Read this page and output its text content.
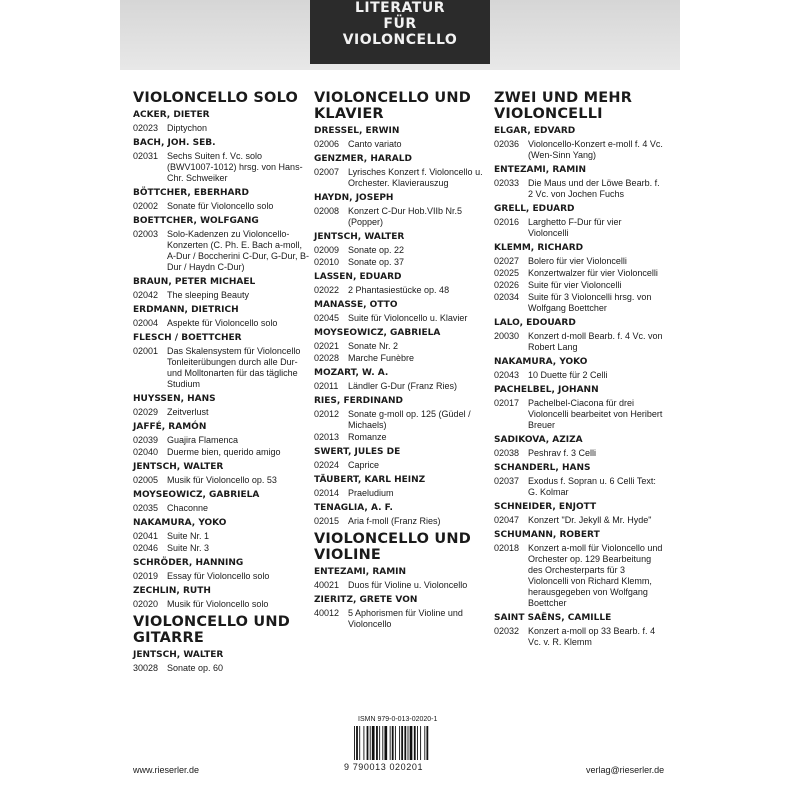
LITERATUR
FÜR
VIOLONCELLO
VIOLONCELLO SOLO
ACKER, DIETER
02023 Diptychon
BACH, JOH. SEB.
02031 Sechs Suiten f. Vc. solo (BWV1007-1012) hrsg. von Hans-Chr. Schweiker
BÖTTCHER, EBERHARD
02002 Sonate für Violoncello solo
BOETTCHER, WOLFGANG
02003 Solo-Kadenzen zu Violoncello-Konzerten (C. Ph. E. Bach a-moll, A-Dur / Boccherini C-Dur, G-Dur, B-Dur / Haydn C-Dur)
BRAUN, PETER MICHAEL
02042 The sleeping Beauty
ERDMANN, DIETRICH
02004 Aspekte für Violoncello solo
FLESCH / BOETTCHER
02001 Das Skalensystem für Violoncello Tonleiterübungen durch alle Dur- und Molltonarten für das tägliche Studium
HUYSSEN, HANS
02029 Zeitverlust
JAFFÉ, RAMÓN
02039 Guajira Flamenca
02040 Duerme bien, querido amigo
JENTSCH, WALTER
02005 Musik für Violoncello op. 53
MOYSEOWICZ, GABRIELA
02035 Chaconne
NAKAMURA, YOKO
02041 Suite Nr. 1
02046 Suite Nr. 3
SCHRÖDER, HANNING
02019 Essay für Violoncello solo
ZECHLIN, RUTH
02020 Musik für Violoncello solo
VIOLONCELLO UND GITARRE
JENTSCH, WALTER
30028 Sonate op. 60
VIOLONCELLO UND KLAVIER
DRESSEL, ERWIN
02006 Canto variato
GENZMER, HARALD
02007 Lyrisches Konzert f. Violoncello u. Orchester. Klavierauszug
HAYDN, JOSEPH
02008 Konzert C-Dur Hob.VIIb Nr.5 (Popper)
JENTSCH, WALTER
02009 Sonate op. 22
02010 Sonate op. 37
LASSEN, EDUARD
02022 2 Phantasiestücke op. 48
MANASSE, OTTO
02045 Suite für Violoncello u. Klavier
MOYSEOWICZ, GABRIELA
02021 Sonate Nr. 2
02028 Marche Funèbre
MOZART, W. A.
02011	Ländler G-Dur (Franz Ries)
RIES, FERDINAND
02012 Sonate g-moll op. 125 (Güdel / Michaels)
02013 Romanze
SWERT, JULES DE
02024 Caprice
TÄUBERT, KARL HEINZ
02014 Praeludium
TENAGLIA, A. F.
02015 Aria f-moll (Franz Ries)
VIOLONCELLO UND VIOLINE
ENTEZAMI, RAMIN
40021 Duos für Violine u. Violoncello
ZIERITZ, GRETE VON
40012 5 Aphorismen für Violine und Violoncello
ZWEI UND MEHR VIOLONCELLI
ELGAR, EDVARD
02036 Violoncello-Konzert e-moll f. 4 Vc. (Wen-Sinn Yang)
ENTEZAMI, RAMIN
02033 Die Maus und der Löwe Bearb. f. 2 Vc. von Jochen Fuchs
GRELL, EDUARD
02016 Larghetto F-Dur für vier Violoncelli
KLEMM, RICHARD
02027 Bolero für vier Violoncelli
02025 Konzertwalzer für vier Violoncelli
02026 Suite für vier Violoncelli
02034 Suite für 3 Violoncelli hrsg. von Wolfgang Boettcher
LALO, EDOUARD
20030 Konzert d-moll Bearb. f. 4 Vc. von Robert Lang
NAKAMURA, YOKO
02043 10 Duette für 2 Celli
PACHELBEL, JOHANN
02017 Pachelbel-Ciacona für drei Violoncelli bearbeitet von Heribert Breuer
SADIKOVA, AZIZA
02038 Peshrav f. 3 Celli
SCHANDERL, HANS
02037 Exodus f. Sopran u. 6 Celli Text: G. Kolmar
SCHNEIDER, ENJOTT
02047 Konzert "Dr. Jekyll & Mr. Hyde"
SCHUMANN, ROBERT
02018 Konzert a-moll für Violoncello und Orchester op. 129 Bearbeitung des Orchesterparts für 3 Violoncelli von Richard Klemm, herausgegeben von Wolfgang Boettcher
SAINT SAËNS, CAMILLE
02032 Konzert a-moll op 33 Bearb. f. 4 Vc. v. R. Klemm
www.rieserler.de	verlag@rieserler.de
ISMN 979-0-013-02020-1
9 790013 020201
